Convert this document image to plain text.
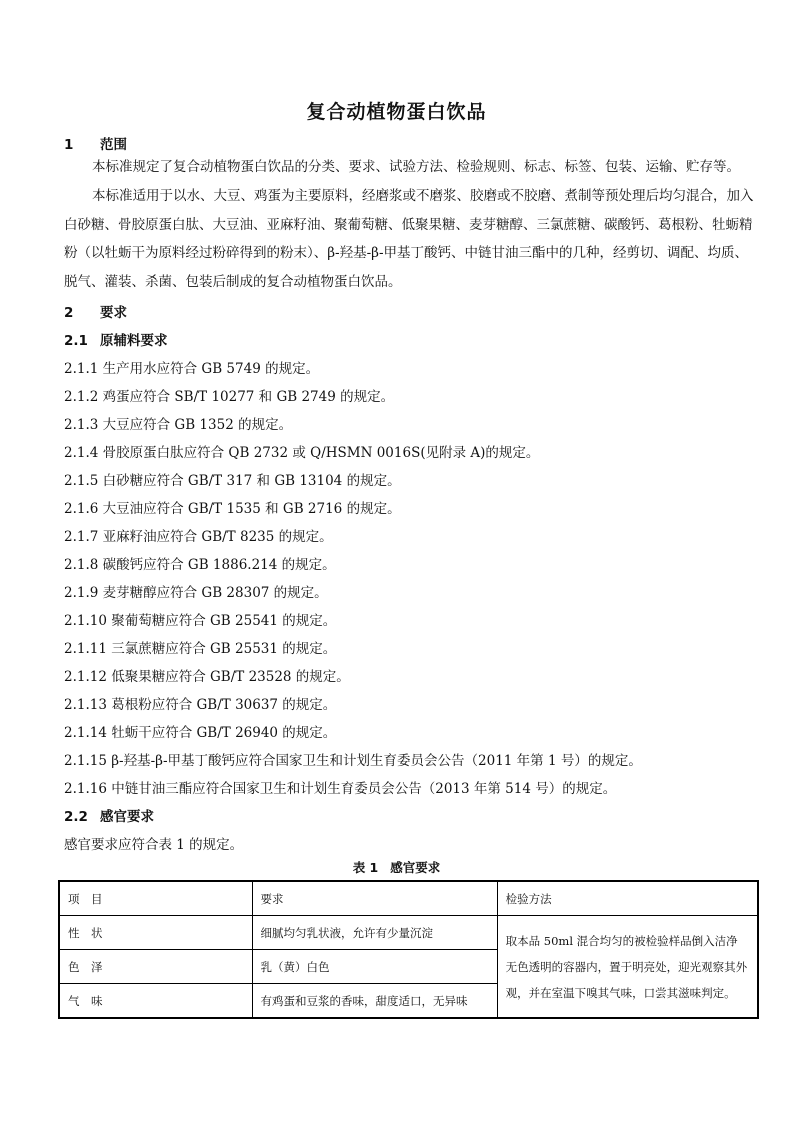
复合动植物蛋白饮品
1 范围
本标准规定了复合动植物蛋白饮品的分类、要求、试验方法、检验规则、标志、标签、包装、运输、贮存等。
本标准适用于以水、大豆、鸡蛋为主要原料，经磨浆或不磨浆、胶磨或不胶磨、煮制等预处理后均匀混合，加入白砂糖、骨胶原蛋白肽、大豆油、亚麻籽油、聚葡萄糖、低聚果糖、麦芽糖醇、三氯蔗糖、碳酸钙、葛根粉、牡蛎精粉（以牡蛎干为原料经过粉碎得到的粉末）、β-羟基-β-甲基丁酸钙、中链甘油三酯中的几种，经剪切、调配、均质、脱气、灌装、杀菌、包装后制成的复合动植物蛋白饮品。
2 要求
2.1 原辅料要求
2.1.1 生产用水应符合 GB 5749 的规定。
2.1.2 鸡蛋应符合 SB/T 10277 和 GB 2749 的规定。
2.1.3 大豆应符合 GB 1352 的规定。
2.1.4 骨胶原蛋白肽应符合 QB 2732 或 Q/HSMN 0016S(见附录 A)的规定。
2.1.5 白砂糖应符合 GB/T 317 和 GB 13104 的规定。
2.1.6 大豆油应符合 GB/T 1535 和 GB 2716 的规定。
2.1.7 亚麻籽油应符合 GB/T 8235 的规定。
2.1.8 碳酸钙应符合 GB 1886.214 的规定。
2.1.9 麦芽糖醇应符合 GB 28307 的规定。
2.1.10 聚葡萄糖应符合 GB 25541 的规定。
2.1.11 三氯蔗糖应符合 GB 25531 的规定。
2.1.12 低聚果糖应符合 GB/T 23528 的规定。
2.1.13 葛根粉应符合 GB/T 30637 的规定。
2.1.14 牡蛎干应符合 GB/T 26940 的规定。
2.1.15 β-羟基-β-甲基丁酸钙应符合国家卫生和计划生育委员会公告（2011 年第 1 号）的规定。
2.1.16 中链甘油三酯应符合国家卫生和计划生育委员会公告（2013 年第 514 号）的规定。
2.2 感官要求
感官要求应符合表 1 的规定。
表 1 感官要求
项　目	要求	检验方法
性　状	细腻均匀乳状液，允许有少量沉淀	取本品 50ml 混合均匀的被检验样品倒入洁净无色透明的容器内，置于明亮处，迎光观察其外观，并在室温下嗅其气味，口尝其滋味判定。
色　泽	乳（黄）白色	
气　味	有鸡蛋和豆浆的香味，甜度适口，无异味	
